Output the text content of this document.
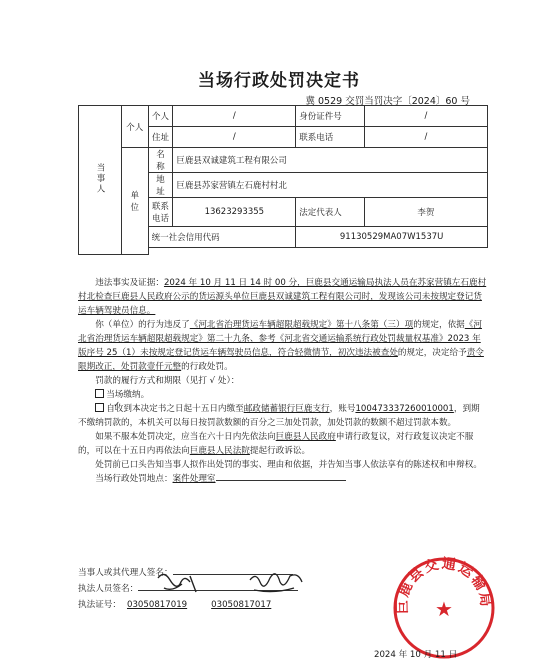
当场行政处罚决定书
冀 0529 交罚当罚决字〔2024〕60 号
当事人	个人	个人	/	身份证件号	/
		住址	/	联系电话	/
	单 位	名 称	巨鹿县双诚建筑工程有限公司		
		地 址	巨鹿县苏家营镇左石鹿村村北		
		联系电话	13623293355	法定代表人	李贺
		统一社会信用代码		91130529MA07W1537U	

违法事实及证据：2024 年 10 月 11 日 14 时 00 分，巨鹿县交通运输局执法人员在苏家营镇左石鹿村村北检查巨鹿县人民政府公示的货运源头单位巨鹿县双诚建筑工程有限公司时，发现该公司未按规定登记货运车辆驾驶员信息。

你（单位）的行为违反了《河北省治理货运车辆超限超载规定》第十八条第（三）项的规定，依据《河北省治理货运车辆超限超载规定》第二十九条、参考《河北省交通运输系统行政处罚裁量权基准》2023 年版序号 25（1）未按规定登记货运车辆驾驶员信息，符合轻微情节，初次违法被查处的规定，决定给予责令限期改正，处罚款壹仟元整的行政处罚。

罚款的履行方式和期限（见打 √ 处）：

当场缴纳。

✓自收到本决定书之日起十五日内缴至邮政储蓄银行巨鹿支行，账号100473337260010001，到期不缴纳罚款的，本机关可以每日按罚款数额的百分之三加处罚款，加处罚款的数额不超过罚款本数。

如果不服本处罚决定，应当在六十日内先依法向巨鹿县人民政府申请行政复议，对行政复议决定不服的，可以在十五日内再依法向巨鹿县人民法院提起行政诉讼。

处罚前已口头告知当事人拟作出处罚的事实、理由和依据，并告知当事人依法享有的陈述权和申辩权。

当场行政处罚地点：案件处理室

当事人或其代理人签名：
执法人员签名：
执法证号： 03050817019	03050817017	巨鹿县交通运输局
★
2024 年 10 月 11 日
